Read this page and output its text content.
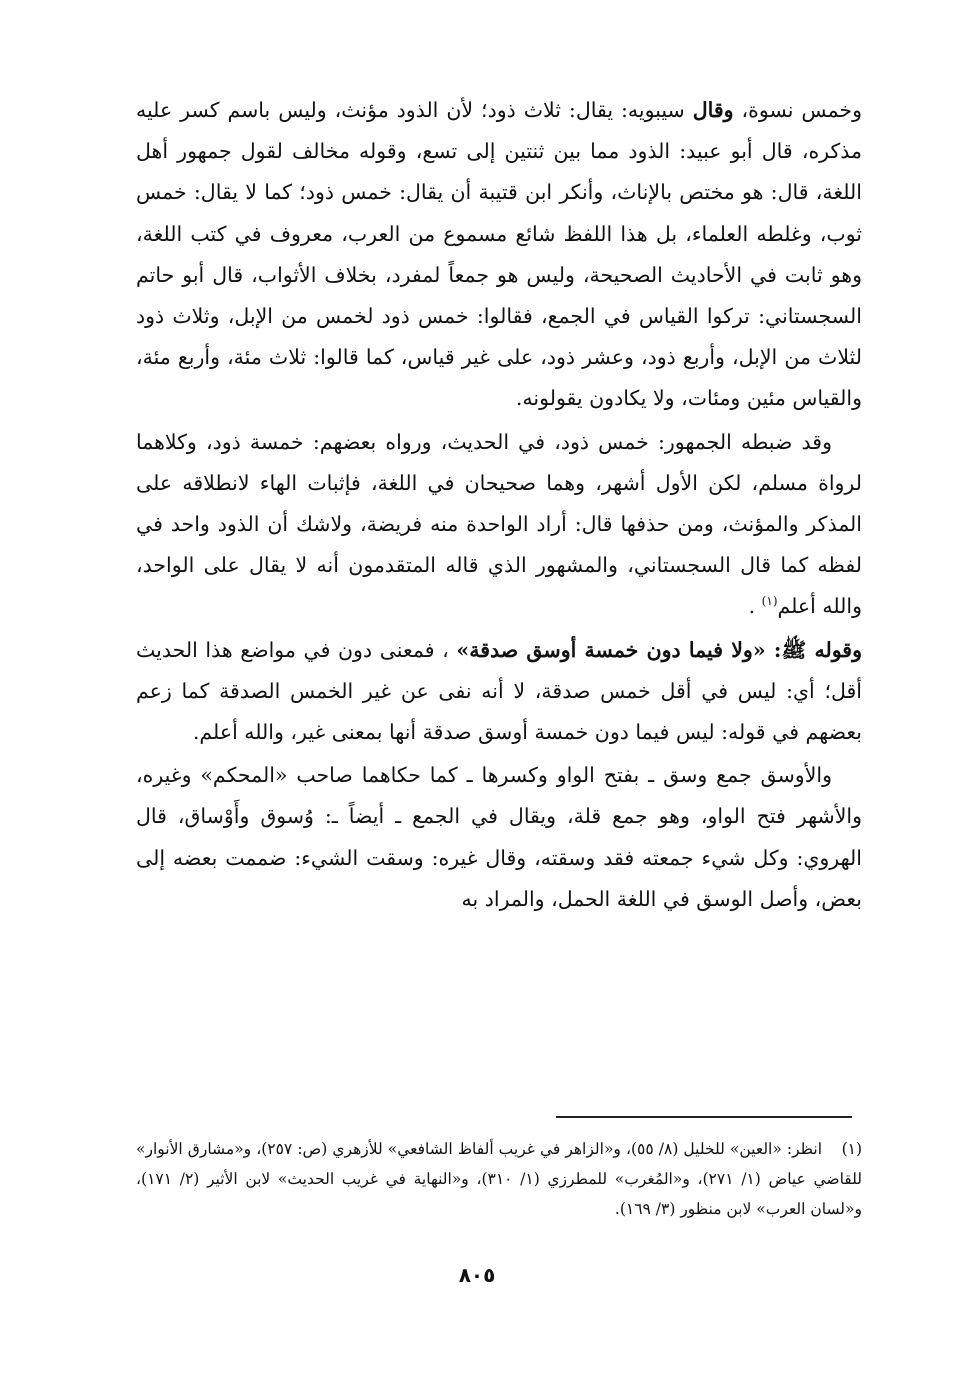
وخمس نسوة، وقال سيبويه: يقال: ثلاث ذود؛ لأن الذود مؤنث، وليس باسم كسر عليه مذكره، قال أبو عبيد: الذود مما بين ثنتين إلى تسع، وقوله مخالف لقول جمهور أهل اللغة، قال: هو مختص بالإناث، وأنكر ابن قتيبة أن يقال: خمس ذود؛ كما لا يقال: خمس ثوب، وغلطه العلماء، بل هذا اللفظ شائع مسموع من العرب، معروف في كتب اللغة، وهو ثابت في الأحاديث الصحيحة، وليس هو جمعاً لمفرد، بخلاف الأثواب، قال أبو حاتم السجستاني: تركوا القياس في الجمع، فقالوا: خمس ذود لخمس من الإبل، وثلاث ذود لثلاث من الإبل، وأربع ذود، وعشر ذود، على غير قياس، كما قالوا: ثلاث مئة، وأربع مئة، والقياس مئين ومئات، ولا يكادون يقولونه.

وقد ضبطه الجمهور: خمس ذود، في الحديث، ورواه بعضهم: خمسة ذود، وكلاهما لرواة مسلم، لكن الأول أشهر، وهما صحيحان في اللغة، فإثبات الهاء لانطلاقه على المذكر والمؤنث، ومن حذفها قال: أراد الواحدة منه فريضة، ولاشك أن الذود واحد في لفظه كما قال السجستاني، والمشهور الذي قاله المتقدمون أنه لا يقال على الواحد، والله أعلم$^{(١)}$ .

وقوله ﷺ: «ولا فيما دون خمسة أوسق صدقة» ، فمعنى دون في مواضع هذا الحديث أقل؛ أي: ليس في أقل خمس صدقة، لا أنه نفى عن غير الخمس الصدقة كما زعم بعضهم في قوله: ليس فيما دون خمسة أوسق صدقة أنها بمعنى غير، والله أعلم.

والأوسق جمع وسق ـ بفتح الواو وكسرها ـ كما حكاهما صاحب «المحكم» وغيره، والأشهر فتح الواو، وهو جمع قلة، ويقال في الجمع ـ أيضاً ـ: وُسوق وأَوْساق، قال الهروي: وكل شيء جمعته فقد وسقته، وقال غيره: وسقت الشيء: ضممت بعضه إلى بعض، وأصل الوسق في اللغة الحمل، والمراد به

(١)انظر: «العين» للخليل (٨/ ٥٥)، و«الزاهر في غريب ألفاظ الشافعي» للأزهري (ص: ٢٥٧)، و«مشارق الأنوار» للقاضي عياض (١/ ٢٧١)، و«المُغرب» للمطرزي (١/ ٣١٠)، و«النهاية في غريب الحديث» لابن الأثير (٢/ ١٧١)، و«لسان العرب» لابن منظور (٣/ ١٦٩).
٨٠٥
